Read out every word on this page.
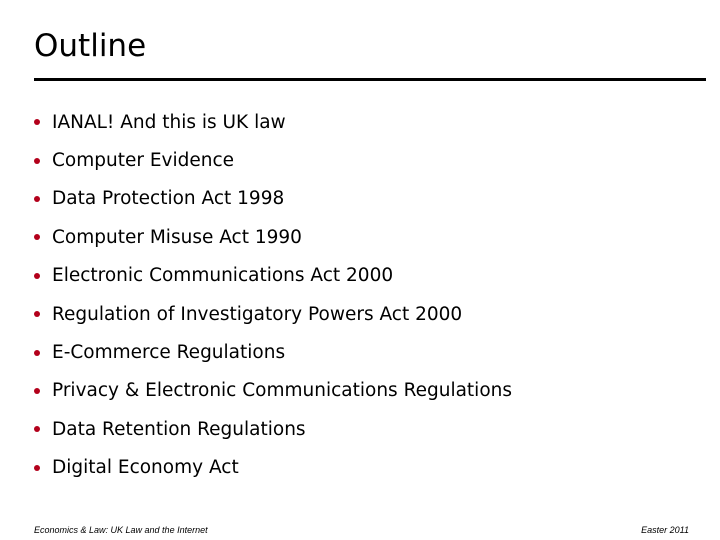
Outline
IANAL! And this is UK law
Computer Evidence
Data Protection Act 1998
Computer Misuse Act 1990
Electronic Communications Act 2000
Regulation of Investigatory Powers Act 2000
E-Commerce Regulations
Privacy & Electronic Communications Regulations
Data Retention Regulations
Digital Economy Act
Economics & Law: UK Law and the Internet	Easter 2011
